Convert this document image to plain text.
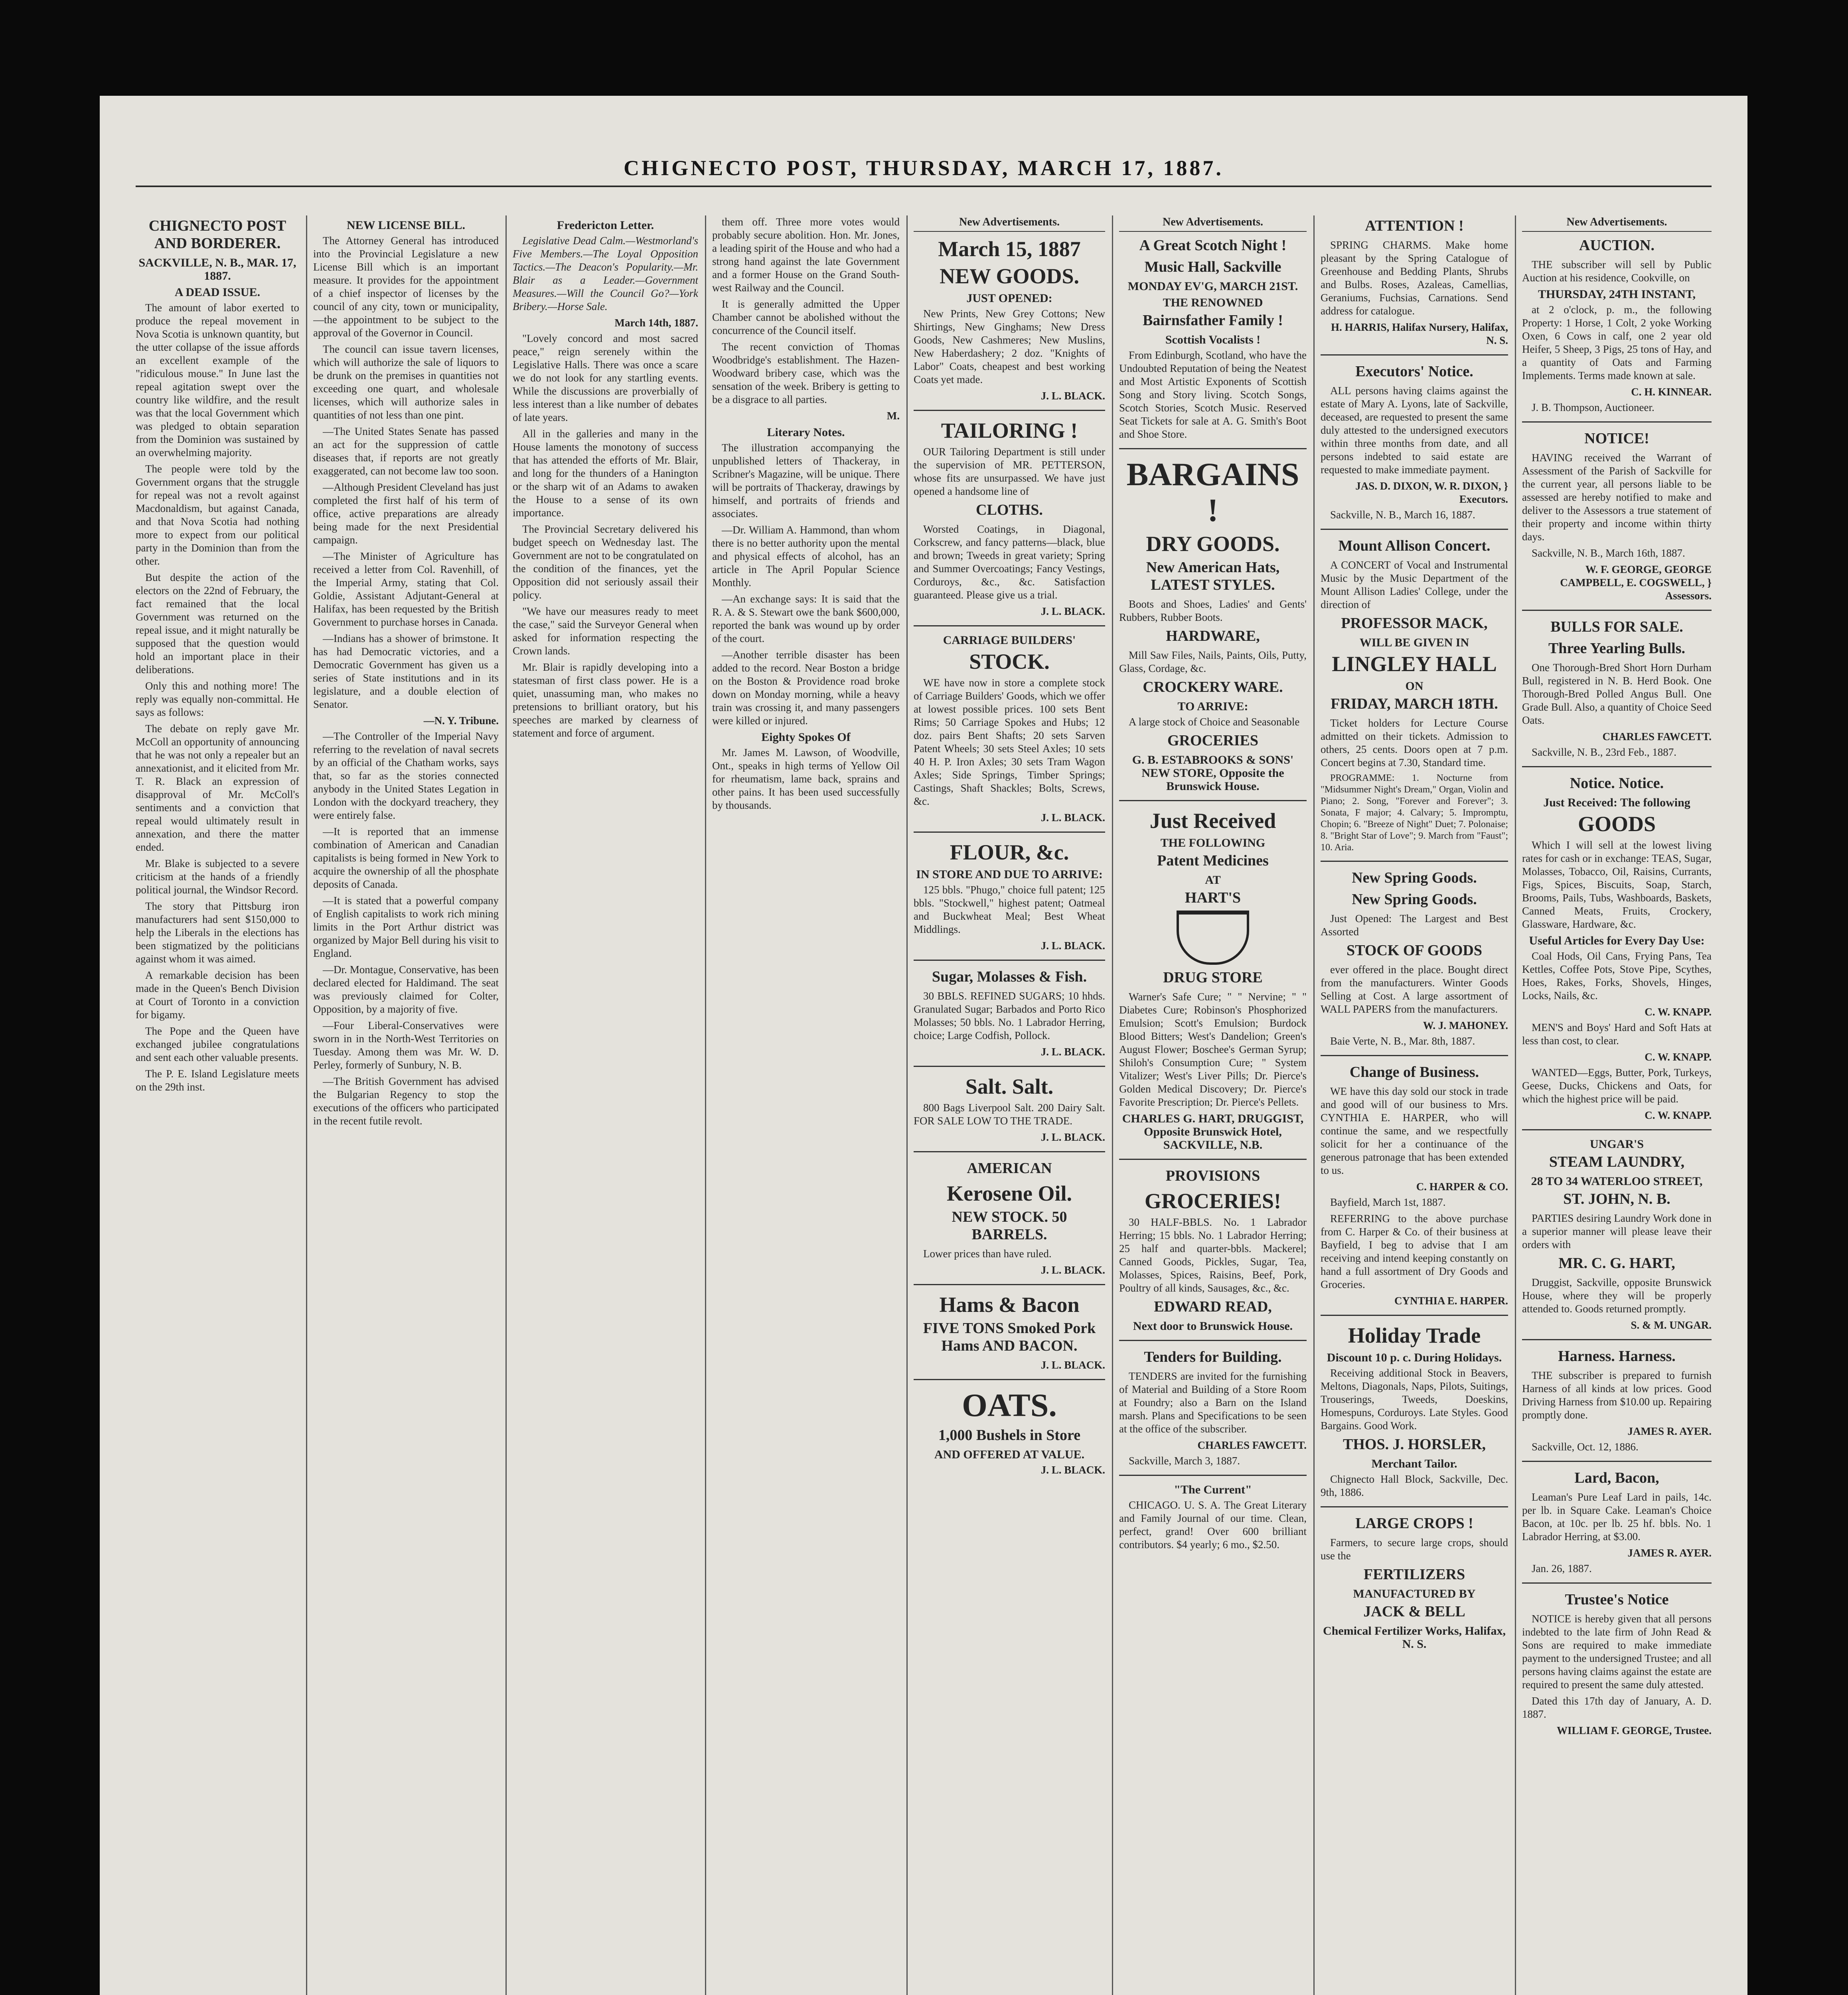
CHIGNECTO POST, THURSDAY, MARCH 17, 1887.
CHIGNECTO POST AND BORDERER.
SACKVILLE, N. B., MAR. 17, 1887.
A DEAD ISSUE.

The amount of labor exerted to produce the repeal movement in Nova Scotia is unknown quantity, but the utter collapse of the issue affords an excellent example of the "ridiculous mouse." In June last the repeal agitation swept over the country like wildfire, and the result was that the local Government which was pledged to obtain separation from the Dominion was sustained by an overwhelming majority.

The people were told by the Government organs that the struggle for repeal was not a revolt against Macdonaldism, but against Canada, and that Nova Scotia had nothing more to expect from our political party in the Dominion than from the other.

But despite the action of the electors on the 22nd of February, the fact remained that the local Government was returned on the repeal issue, and it might naturally be supposed that the question would hold an important place in their deliberations.

Only this and nothing more! The reply was equally non-committal. He says as follows:

The debate on reply gave Mr. McColl an opportunity of announcing that he was not only a repealer but an annexationist, and it elicited from Mr. T. R. Black an expression of disapproval of Mr. McColl's sentiments and a conviction that repeal would ultimately result in annexation, and there the matter ended.

Mr. Blake is subjected to a severe criticism at the hands of a friendly political journal, the Windsor Record.

The story that Pittsburg iron manufacturers had sent $150,000 to help the Liberals in the elections has been stigmatized by the politicians against whom it was aimed.

A remarkable decision has been made in the Queen's Bench Division at Court of Toronto in a conviction for bigamy.

The Pope and the Queen have exchanged jubilee congratulations and sent each other valuable presents.

The P. E. Island Legislature meets on the 29th inst.

NEW LICENSE BILL.

The Attorney General has introduced into the Provincial Legislature a new License Bill which is an important measure. It provides for the appointment of a chief inspector of licenses by the council of any city, town or municipality,—the appointment to be subject to the approval of the Governor in Council.

The council can issue tavern licenses, which will authorize the sale of liquors to be drunk on the premises in quantities not exceeding one quart, and wholesale licenses, which will authorize sales in quantities of not less than one pint.

—The United States Senate has passed an act for the suppression of cattle diseases that, if reports are not greatly exaggerated, can not become law too soon.

—Although President Cleveland has just completed the first half of his term of office, active preparations are already being made for the next Presidential campaign.

—The Minister of Agriculture has received a letter from Col. Ravenhill, of the Imperial Army, stating that Col. Goldie, Assistant Adjutant-General at Halifax, has been requested by the British Government to purchase horses in Canada.

—Indians has a shower of brimstone. It has had Democratic victories, and a Democratic Government has given us a series of State institutions and in its legislature, and a double election of Senator.

—N. Y. Tribune.

—The Controller of the Imperial Navy referring to the revelation of naval secrets by an official of the Chatham works, says that, so far as the stories connected anybody in the United States Legation in London with the dockyard treachery, they were entirely false.

—It is reported that an immense combination of American and Canadian capitalists is being formed in New York to acquire the ownership of all the phosphate deposits of Canada.

—It is stated that a powerful company of English capitalists to work rich mining limits in the Port Arthur district was organized by Major Bell during his visit to England.

—Dr. Montague, Conservative, has been declared elected for Haldimand. The seat was previously claimed for Colter, Opposition, by a majority of five.

—Four Liberal-Conservatives were sworn in in the North-West Territories on Tuesday. Among them was Mr. W. D. Perley, formerly of Sunbury, N. B.

—The British Government has advised the Bulgarian Regency to stop the executions of the officers who participated in the recent futile revolt.

Fredericton Letter.

Legislative Dead Calm.—Westmorland's Five Members.—The Loyal Opposition Tactics.—The Deacon's Popularity.—Mr. Blair as a Leader.—Government Measures.—Will the Council Go?—York Bribery.—Horse Sale.

March 14th, 1887.

"Lovely concord and most sacred peace," reign serenely within the Legislative Halls. There was once a scare we do not look for any startling events. While the discussions are proverbially of less interest than a like number of debates of late years.

All in the galleries and many in the House laments the monotony of success that has attended the efforts of Mr. Blair, and long for the thunders of a Hanington or the sharp wit of an Adams to awaken the House to a sense of its own importance.

The Provincial Secretary delivered his budget speech on Wednesday last. The Government are not to be congratulated on the condition of the finances, yet the Opposition did not seriously assail their policy.

"We have our measures ready to meet the case," said the Surveyor General when asked for information respecting the Crown lands.

Mr. Blair is rapidly developing into a statesman of first class power. He is a quiet, unassuming man, who makes no pretensions to brilliant oratory, but his speeches are marked by clearness of statement and force of argument.

them off. Three more votes would probably secure abolition. Hon. Mr. Jones, a leading spirit of the House and who had a strong hand against the late Government and a former House on the Grand South-west Railway and the Council.

It is generally admitted the Upper Chamber cannot be abolished without the concurrence of the Council itself.

The recent conviction of Thomas Woodbridge's establishment. The Hazen-Woodward bribery case, which was the sensation of the week. Bribery is getting to be a disgrace to all parties.

M.
Literary Notes.

The illustration accompanying the unpublished letters of Thackeray, in Scribner's Magazine, will be unique. There will be portraits of Thackeray, drawings by himself, and portraits of friends and associates.

—Dr. William A. Hammond, than whom there is no better authority upon the mental and physical effects of alcohol, has an article in The April Popular Science Monthly.

—An exchange says: It is said that the R. A. & S. Stewart owe the bank $600,000, reported the bank was wound up by order of the court.

—Another terrible disaster has been added to the record. Near Boston a bridge on the Boston & Providence road broke down on Monday morning, while a heavy train was crossing it, and many passengers were killed or injured.

Eighty Spokes Of

Mr. James M. Lawson, of Woodville, Ont., speaks in high terms of Yellow Oil for rheumatism, lame back, sprains and other pains. It has been used successfully by thousands.

New Advertisements.
March 15, 1887
NEW GOODS.
JUST OPENED:

New Prints, New Grey Cottons; New Shirtings, New Ginghams; New Dress Goods, New Cashmeres; New Muslins, New Haberdashery; 2 doz. "Knights of Labor" Coats, cheapest and best working Coats yet made.

J. L. BLACK.
TAILORING !

OUR Tailoring Department is still under the supervision of MR. PETTERSON, whose fits are unsurpassed. We have just opened a handsome line of

CLOTHS.

Worsted Coatings, in Diagonal, Corkscrew, and fancy patterns—black, blue and brown; Tweeds in great variety; Spring and Summer Overcoatings; Fancy Vestings, Corduroys, &c., &c. Satisfaction guaranteed. Please give us a trial.

J. L. BLACK.
CARRIAGE BUILDERS'
STOCK.

WE have now in store a complete stock of Carriage Builders' Goods, which we offer at lowest possible prices. 100 sets Bent Rims; 50 Carriage Spokes and Hubs; 12 doz. pairs Bent Shafts; 20 sets Sarven Patent Wheels; 30 sets Steel Axles; 10 sets 40 H. P. Iron Axles; 30 sets Tram Wagon Axles; Side Springs, Timber Springs; Castings, Shaft Shackles; Bolts, Screws, &c.

J. L. BLACK.
FLOUR, &c.
IN STORE AND DUE TO ARRIVE:

125 bbls. "Phugo," choice full patent; 125 bbls. "Stockwell," highest patent; Oatmeal and Buckwheat Meal; Best Wheat Middlings.

J. L. BLACK.
Sugar, Molasses & Fish.

30 BBLS. REFINED SUGARS; 10 hhds. Granulated Sugar; Barbados and Porto Rico Molasses; 50 bbls. No. 1 Labrador Herring, choice; Large Codfish, Pollock.

J. L. BLACK.
Salt. Salt.

800 Bags Liverpool Salt. 200 Dairy Salt. FOR SALE LOW TO THE TRADE.

J. L. BLACK.
AMERICAN
Kerosene Oil.
NEW STOCK. 50 BARRELS.

Lower prices than have ruled.

J. L. BLACK.
Hams & Bacon
FIVE TONS Smoked Pork Hams AND BACON.
J. L. BLACK.
OATS.
1,000 Bushels in Store
AND OFFERED AT VALUE.
J. L. BLACK.
New Advertisements.
A Great Scotch Night !
Music Hall, Sackville
MONDAY EV'G, MARCH 21ST.
THE RENOWNED
Bairnsfather Family !
Scottish Vocalists !

From Edinburgh, Scotland, who have the Undoubted Reputation of being the Neatest and Most Artistic Exponents of Scottish Song and Story living. Scotch Songs, Scotch Stories, Scotch Music. Reserved Seat Tickets for sale at A. G. Smith's Boot and Shoe Store.

BARGAINS !
DRY GOODS.
New American Hats, LATEST STYLES.

Boots and Shoes, Ladies' and Gents' Rubbers, Rubber Boots.

HARDWARE,

Mill Saw Files, Nails, Paints, Oils, Putty, Glass, Cordage, &c.

CROCKERY WARE.
TO ARRIVE:

A large stock of Choice and Seasonable

GROCERIES
G. B. ESTABROOKS & SONS' NEW STORE, Opposite the Brunswick House.
Just Received
THE FOLLOWING
Patent Medicines
AT
HART'S
DRUG STORE

Warner's Safe Cure; " " Nervine; " " Diabetes Cure; Robinson's Phosphorized Emulsion; Scott's Emulsion; Burdock Blood Bitters; West's Dandelion; Green's August Flower; Boschee's German Syrup; Shiloh's Consumption Cure; " System Vitalizer; West's Liver Pills; Dr. Pierce's Golden Medical Discovery; Dr. Pierce's Favorite Prescription; Dr. Pierce's Pellets.

CHARLES G. HART, DRUGGIST, Opposite Brunswick Hotel, SACKVILLE, N.B.
PROVISIONS
GROCERIES!

30 HALF-BBLS. No. 1 Labrador Herring; 15 bbls. No. 1 Labrador Herring; 25 half and quarter-bbls. Mackerel; Canned Goods, Pickles, Sugar, Tea, Molasses, Spices, Raisins, Beef, Pork, Poultry of all kinds, Sausages, &c., &c.

EDWARD READ,
Next door to Brunswick House.
Tenders for Building.

TENDERS are invited for the furnishing of Material and Building of a Store Room at Foundry; also a Barn on the Island marsh. Plans and Specifications to be seen at the office of the subscriber.

CHARLES FAWCETT.

Sackville, March 3, 1887.

"The Current"

CHICAGO. U. S. A. The Great Literary and Family Journal of our time. Clean, perfect, grand! Over 600 brilliant contributors. $4 yearly; 6 mo., $2.50.

ATTENTION !

SPRING CHARMS. Make home pleasant by the Spring Catalogue of Greenhouse and Bedding Plants, Shrubs and Bulbs. Roses, Azaleas, Camellias, Geraniums, Fuchsias, Carnations. Send address for catalogue.

H. HARRIS, Halifax Nursery, Halifax, N. S.
Executors' Notice.

ALL persons having claims against the estate of Mary A. Lyons, late of Sackville, deceased, are requested to present the same duly attested to the undersigned executors within three months from date, and all persons indebted to said estate are requested to make immediate payment.

JAS. D. DIXON, W. R. DIXON, } Executors.

Sackville, N. B., March 16, 1887.

Mount Allison Concert.

A CONCERT of Vocal and Instrumental Music by the Music Department of the Mount Allison Ladies' College, under the direction of

PROFESSOR MACK,
WILL BE GIVEN IN
LINGLEY HALL
ON
FRIDAY, MARCH 18TH.

Ticket holders for Lecture Course admitted on their tickets. Admission to others, 25 cents. Doors open at 7 p.m. Concert begins at 7.30, Standard time.

PROGRAMME: 1. Nocturne from "Midsummer Night's Dream," Organ, Violin and Piano; 2. Song, "Forever and Forever"; 3. Sonata, F major; 4. Calvary; 5. Impromptu, Chopin; 6. "Breeze of Night" Duet; 7. Polonaise; 8. "Bright Star of Love"; 9. March from "Faust"; 10. Aria.

New Spring Goods.
New Spring Goods.

Just Opened: The Largest and Best Assorted

STOCK OF GOODS

ever offered in the place. Bought direct from the manufacturers. Winter Goods Selling at Cost. A large assortment of WALL PAPERS from the manufacturers.

W. J. MAHONEY.

Baie Verte, N. B., Mar. 8th, 1887.

Change of Business.

WE have this day sold our stock in trade and good will of our business to Mrs. CYNTHIA E. HARPER, who will continue the same, and we respectfully solicit for her a continuance of the generous patronage that has been extended to us.

C. HARPER & CO.

Bayfield, March 1st, 1887.

REFERRING to the above purchase from C. Harper & Co. of their business at Bayfield, I beg to advise that I am receiving and intend keeping constantly on hand a full assortment of Dry Goods and Groceries.

CYNTHIA E. HARPER.
Holiday Trade
Discount 10 p. c. During Holidays.

Receiving additional Stock in Beavers, Meltons, Diagonals, Naps, Pilots, Suitings, Trouserings, Tweeds, Doeskins, Homespuns, Corduroys. Late Styles. Good Bargains. Good Work.

THOS. J. HORSLER,
Merchant Tailor.

Chignecto Hall Block, Sackville, Dec. 9th, 1886.

LARGE CROPS !

Farmers, to secure large crops, should use the

FERTILIZERS
MANUFACTURED BY
JACK & BELL
Chemical Fertilizer Works, Halifax, N. S.
New Advertisements.
AUCTION.

THE subscriber will sell by Public Auction at his residence, Cookville, on

THURSDAY, 24TH INSTANT,

at 2 o'clock, p. m., the following Property: 1 Horse, 1 Colt, 2 yoke Working Oxen, 6 Cows in calf, one 2 year old Heifer, 5 Sheep, 3 Pigs, 25 tons of Hay, and a quantity of Oats and Farming Implements. Terms made known at sale.

C. H. KINNEAR.

J. B. Thompson, Auctioneer.

NOTICE!

HAVING received the Warrant of Assessment of the Parish of Sackville for the current year, all persons liable to be assessed are hereby notified to make and deliver to the Assessors a true statement of their property and income within thirty days.

Sackville, N. B., March 16th, 1887.

W. F. GEORGE, GEORGE CAMPBELL, E. COGSWELL, } Assessors.
BULLS FOR SALE.
Three Yearling Bulls.

One Thorough-Bred Short Horn Durham Bull, registered in N. B. Herd Book. One Thorough-Bred Polled Angus Bull. One Grade Bull. Also, a quantity of Choice Seed Oats.

CHARLES FAWCETT.

Sackville, N. B., 23rd Feb., 1887.

Notice. Notice.
Just Received: The following
GOODS

Which I will sell at the lowest living rates for cash or in exchange: TEAS, Sugar, Molasses, Tobacco, Oil, Raisins, Currants, Figs, Spices, Biscuits, Soap, Starch, Brooms, Pails, Tubs, Washboards, Baskets, Canned Meats, Fruits, Crockery, Glassware, Hardware, &c.

Useful Articles for Every Day Use:

Coal Hods, Oil Cans, Frying Pans, Tea Kettles, Coffee Pots, Stove Pipe, Scythes, Hoes, Rakes, Forks, Shovels, Hinges, Locks, Nails, &c.

C. W. KNAPP.

MEN'S and Boys' Hard and Soft Hats at less than cost, to clear.

C. W. KNAPP.

WANTED—Eggs, Butter, Pork, Turkeys, Geese, Ducks, Chickens and Oats, for which the highest price will be paid.

C. W. KNAPP.
UNGAR'S
STEAM LAUNDRY,
28 TO 34 WATERLOO STREET,
ST. JOHN, N. B.

PARTIES desiring Laundry Work done in a superior manner will please leave their orders with

MR. C. G. HART,

Druggist, Sackville, opposite Brunswick House, where they will be properly attended to. Goods returned promptly.

S. & M. UNGAR.
Harness. Harness.

THE subscriber is prepared to furnish Harness of all kinds at low prices. Good Driving Harness from $10.00 up. Repairing promptly done.

JAMES R. AYER.

Sackville, Oct. 12, 1886.

Lard, Bacon,

Leaman's Pure Leaf Lard in pails, 14c. per lb. in Square Cake. Leaman's Choice Bacon, at 10c. per lb. 25 hf. bbls. No. 1 Labrador Herring, at $3.00.

JAMES R. AYER.

Jan. 26, 1887.

Trustee's Notice

NOTICE is hereby given that all persons indebted to the late firm of John Read & Sons are required to make immediate payment to the undersigned Trustee; and all persons having claims against the estate are required to present the same duly attested.

Dated this 17th day of January, A. D. 1887.

WILLIAM F. GEORGE, Trustee.
